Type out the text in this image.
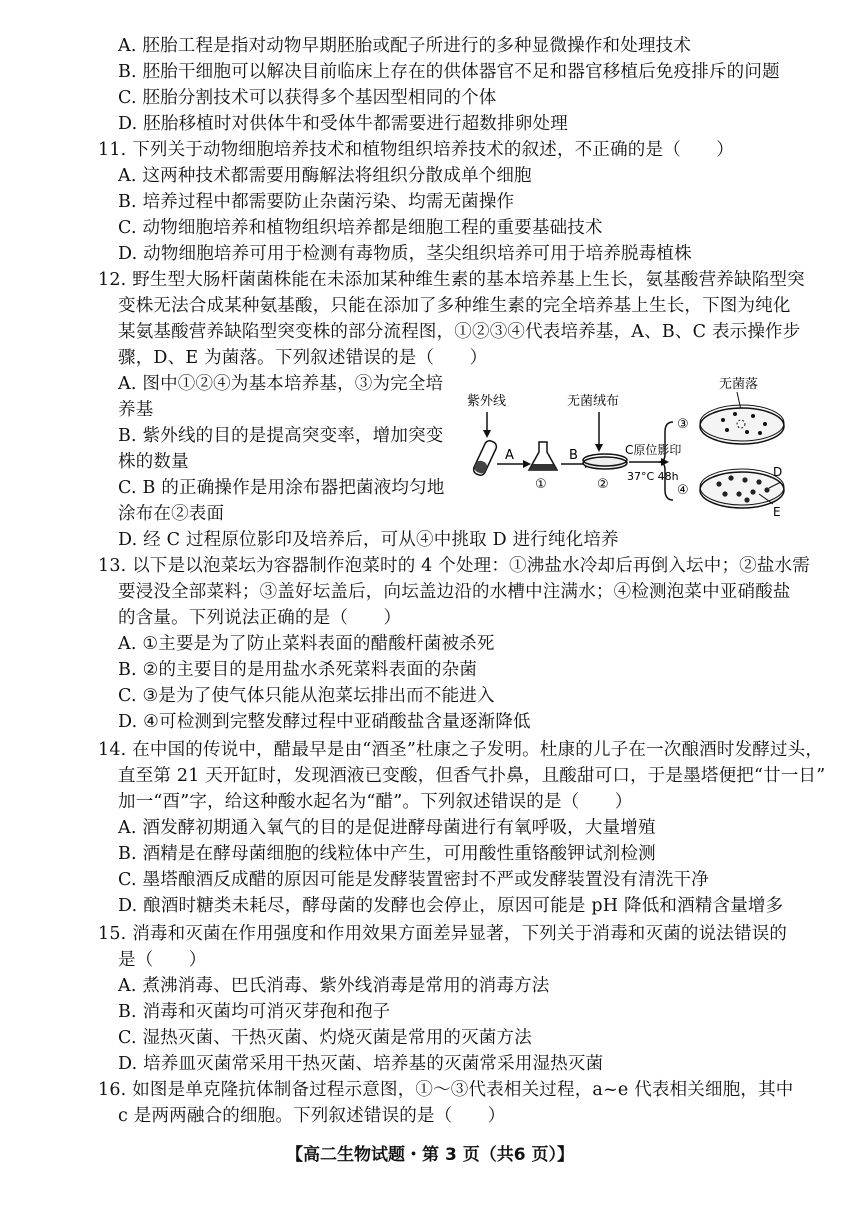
A. 胚胎工程是指对动物早期胚胎或配子所进行的多种显微操作和处理技术
B. 胚胎干细胞可以解决目前临床上存在的供体器官不足和器官移植后免疫排斥的问题
C. 胚胎分割技术可以获得多个基因型相同的个体
D. 胚胎移植时对供体牛和受体牛都需要进行超数排卵处理
11. 下列关于动物细胞培养技术和植物组织培养技术的叙述，不正确的是（　　）
A. 这两种技术都需要用酶解法将组织分散成单个细胞
B. 培养过程中都需要防止杂菌污染、均需无菌操作
C. 动物细胞培养和植物组织培养都是细胞工程的重要基础技术
D. 动物细胞培养可用于检测有毒物质，茎尖组织培养可用于培养脱毒植株
12. 野生型大肠杆菌菌株能在未添加某种维生素的基本培养基上生长，氨基酸营养缺陷型突
变株无法合成某种氨基酸，只能在添加了多种维生素的完全培养基上生长，下图为纯化
某氨基酸营养缺陷型突变株的部分流程图，①②③④代表培养基，A、B、C 表示操作步
骤，D、E 为菌落。下列叙述错误的是（　　）
A. 图中①②④为基本培养基，③为完全培
养基
B. 紫外线的目的是提高突变率，增加突变
株的数量
C. B 的正确操作是用涂布器把菌液均匀地
涂布在②表面
D. 经 C 过程原位影印及培养后，可从④中挑取 D 进行纯化培养
紫外线
A
①
B
无菌绒布
②
C原位影印
37°C 48h
③
无菌落
④
D
E
13. 以下是以泡菜坛为容器制作泡菜时的 4 个处理：①沸盐水冷却后再倒入坛中；②盐水需
要浸没全部菜料；③盖好坛盖后，向坛盖边沿的水槽中注满水；④检测泡菜中亚硝酸盐
的含量。下列说法正确的是（　　）
A. ①主要是为了防止菜料表面的醋酸杆菌被杀死
B. ②的主要目的是用盐水杀死菜料表面的杂菌
C. ③是为了使气体只能从泡菜坛排出而不能进入
D. ④可检测到完整发酵过程中亚硝酸盐含量逐渐降低
14. 在中国的传说中，醋最早是由“酒圣”杜康之子发明。杜康的儿子在一次酿酒时发酵过头，
直至第 21 天开缸时，发现酒液已变酸，但香气扑鼻，且酸甜可口，于是墨塔便把“廿一日”
加一“酉”字，给这种酸水起名为“醋”。下列叙述错误的是（　　）
A. 酒发酵初期通入氧气的目的是促进酵母菌进行有氧呼吸，大量增殖
B. 酒精是在酵母菌细胞的线粒体中产生，可用酸性重铬酸钾试剂检测
C. 墨塔酿酒反成醋的原因可能是发酵装置密封不严或发酵装置没有清洗干净
D. 酿酒时糖类未耗尽，酵母菌的发酵也会停止，原因可能是 pH 降低和酒精含量增多
15. 消毒和灭菌在作用强度和作用效果方面差异显著，下列关于消毒和灭菌的说法错误的
是（　　）
A. 煮沸消毒、巴氏消毒、紫外线消毒是常用的消毒方法
B. 消毒和灭菌均可消灭芽孢和孢子
C. 湿热灭菌、干热灭菌、灼烧灭菌是常用的灭菌方法
D. 培养皿灭菌常采用干热灭菌、培养基的灭菌常采用湿热灭菌
16. 如图是单克隆抗体制备过程示意图，①～③代表相关过程，a~e 代表相关细胞，其中
c 是两两融合的细胞。下列叙述错误的是（　　）
【高二生物试题・第 3 页（共6 页）】
